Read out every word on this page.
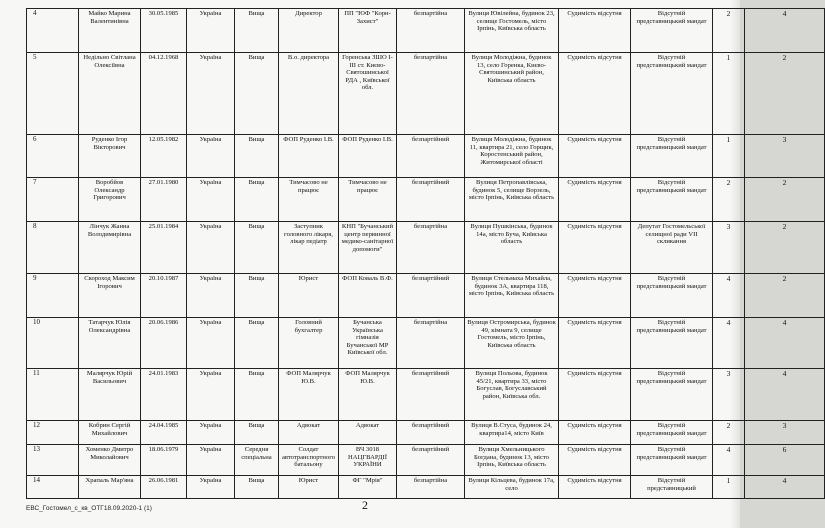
4	Майко Марина Валентинівна	30.05.1985	Україна	Вища	Директор	ПП "ЮФ "Корн-Захист"	безпартійна	Вулиця Ювілейна, будинок 23, селище Гостомель, місто Ірпінь, Київська область	Судимість відсутня	Відсутній представницький мандат	2	4
5	Недільно Світлана Олексіївна	04.12.1968	Україна	Вища	В.о. директора	Горенська ЗШО І-ІІІ ст. Києво-Святошинської РДА , Київської обл.	безпартійна	Вулиця Молодіжна, будинок 13, село Горенка, Києво-Святошинський район, Київська область	Судимість відсутня	Відсутній представницький мандат	1	2
6	Руденко Ігор Вікторович	12.05.1982	Україна	Вища	ФОП Руденко І.В.	ФОП Руденко І.В.	безпартійний	Вулиця Молодіжна, будинок 11, квартира 21, село Горщик, Коростенський район, Житомирської області	Судимість відсутня	Відсутній представницький мандат	1	3
7	Воробйов Олександр Григорович	27.01.1980	Україна	Вища	Тимчасово не працює	Тимчасово не працює	безпартійний	Вулиця Петропавлівська, будинок 5, селище Ворзель, місто Ірпінь, Київська область	Судимість відсутня	Відсутній представницький мандат	2	2
8	Лінчук Жанна Володимирівна	25.01.1984	Україна	Вища	Заступник головного лікаря, лікар педіатр	КНП "Бучанський центр первинної медико-санітарної допомоги"	безпартійна	Вулиця Пушкінська, будинок 14а, місто Буча, Київська область	Судимість відсутня	Депутат Гостомельської селищної ради VII скликання	3	2
9	Скороход Максим Ігорович	20.10.1987	Україна	Вища	Юрист	ФОП Коваль В.Ф.	безпартійний	Вулиця Стельмаха Михайла, будинок 3А, квартира 118, місто Ірпінь, Київська область	Судимість відсутня	Відсутній представницький мандат	4	2
10	Татарчук Юлія Олександрівна	20.06.1986	Україна	Вища	Головний бухгалтер	Бучанська Українська гімназія Бучанської МР Київської обл.	безпартійна	Вулиця Остромирська, будинок 49, кімната 9, селище Гостомель, місто Ірпінь, Київська область	Судимість відсутня	Відсутній представницький мандат	4	4
11	Малярчук Юрій Васильович	24.01.1983	Україна	Вища	ФОП Малярчук Ю.В.	ФОП Малярчук Ю.В.	безпартійний	Вулиця Польова, будинок 45/21, квартира 33, місто Богуслав, Богуславський район, Київська обл.	Судимість відсутня	Відсутній представницький мандат	3	4
12	Кобрин Сергій Михайлович	24.04.1985	Україна	Вища	Адвокат	Адвокат	безпартійний	Вулиця В.Стуса, будинок 24, квартира14, місто Київ	Судимість відсутня	Відсутній представницький мандат	2	3
13	Хоменко Дмитро Миколайович	18.06.1979	Україна	Середня спеціальна	Солдат автотранспортного батальону	ВЧ 3018 НАЦГВАРДІЇ УКРАЇНИ	безпартійний	Вулиця Хмельницького Богдана, будинок 13, місто Ірпінь, Київська область	Судимість відсутня	Відсутній представницький мандат	4	6
14	Храпаль Мар'яна	26.06.1981	Україна	Вища	Юрист	ФГ "Мрія"	безпартійна	Вулиця Кільцева, будинок 17а, село	Судимість відсутня	Відсутній представницький	1	4
ЕВС_Гостомел_с_кв_ОТГ18.09.2020-1 (1)	2
